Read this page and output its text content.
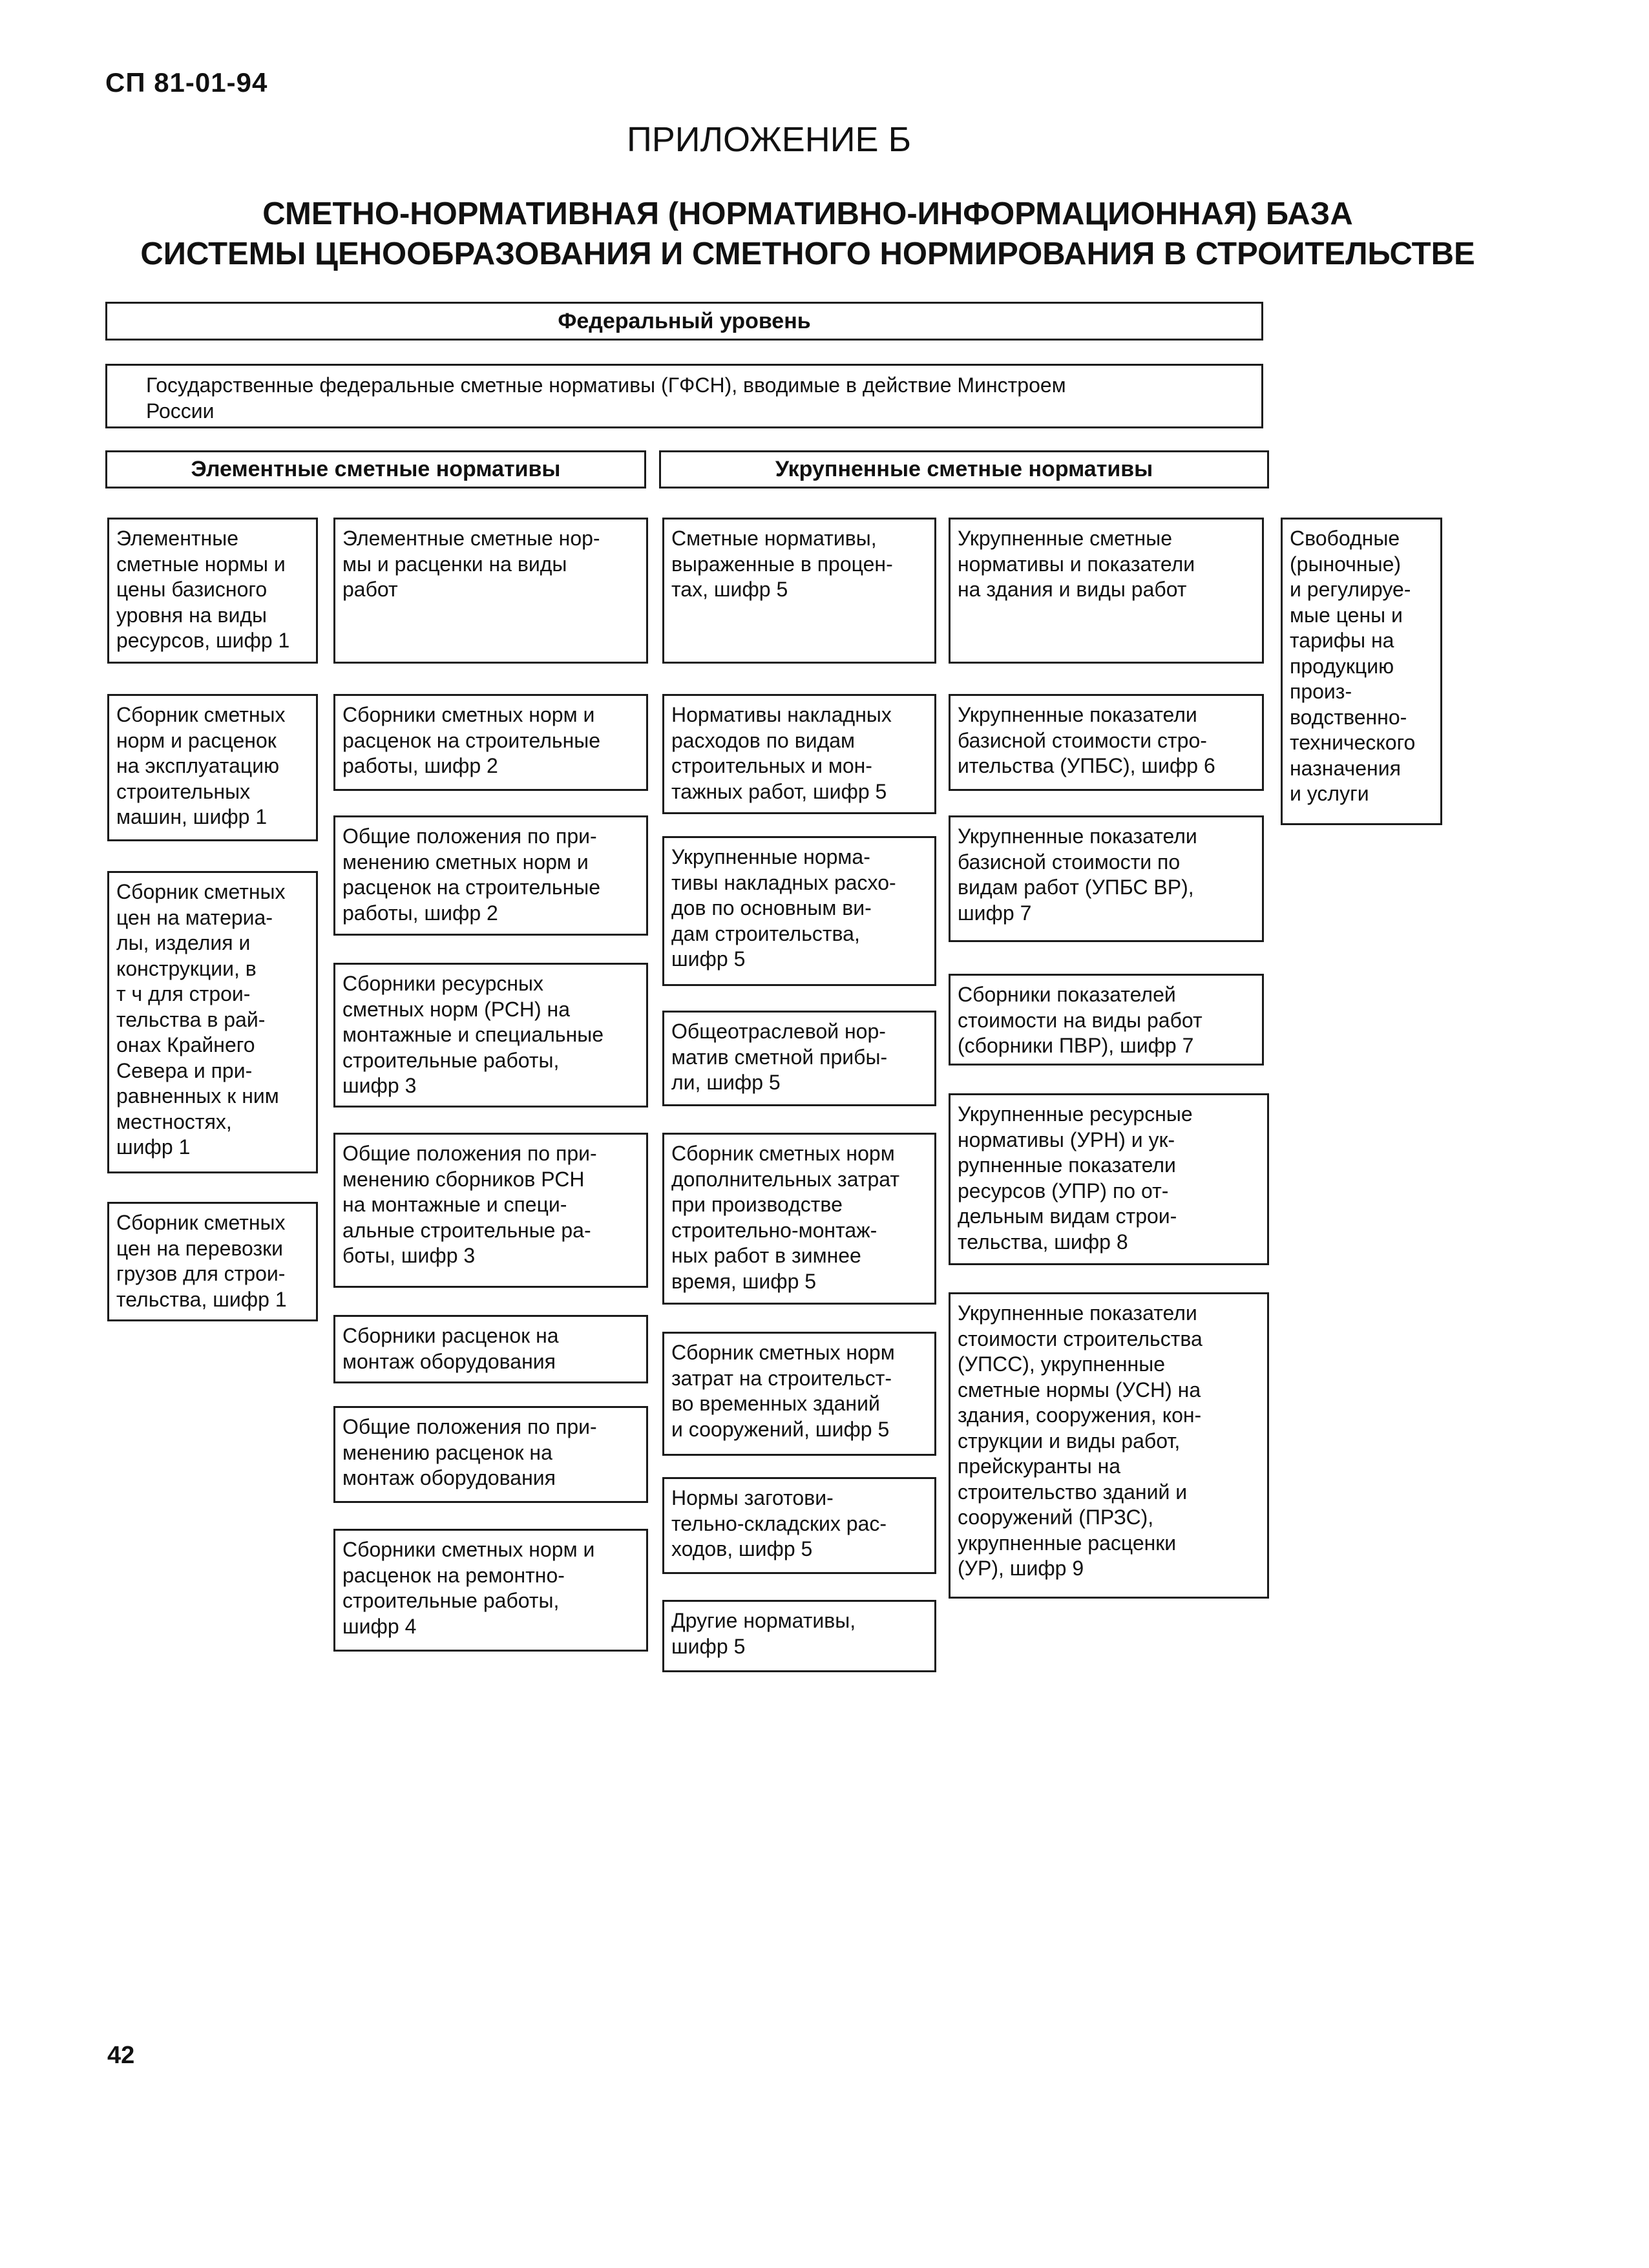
СП 81-01-94
ПРИЛОЖЕНИЕ Б
СМЕТНО-НОРМАТИВНАЯ (НОРМАТИВНО-ИНФОРМАЦИОННАЯ) БАЗА
СИСТЕМЫ ЦЕНООБРАЗОВАНИЯ И СМЕТНОГО НОРМИРОВАНИЯ В СТРОИТЕЛЬСТВЕ
Федеральный уровень
Государственные федеральные сметные нормативы (ГФСН), вводимые в действие Минстроем России
Элементные сметные нормативы	Укрупненные сметные нормативы
Элементные
сметные нормы и
цены базисного
уровня на виды
ресурсов, шифр 1
Сборник сметных
норм и расценок
на эксплуатацию
строительных
машин, шифр 1
Сборник сметных
цен на материа-
лы, изделия и
конструкции, в
т ч для строи-
тельства в рай-
онах Крайнего
Севера и при-
равненных к ним
местностях,
шифр 1
Сборник сметных
цен на перевозки
грузов для строи-
тельства, шифр 1
Элементные сметные нор-
мы и расценки на виды
работ
Сборники сметных норм и
расценок на строительные
работы, шифр 2
Общие положения по при-
менению сметных норм и
расценок на строительные
работы, шифр 2
Сборники ресурсных
сметных норм (РСН) на
монтажные и специальные
строительные работы,
шифр 3
Общие положения по при-
менению сборников РСН
на монтажные и специ-
альные строительные ра-
боты, шифр 3
Сборники расценок на
монтаж оборудования
Общие положения по при-
менению расценок на
монтаж оборудования
Сборники сметных норм и
расценок на ремонтно-
строительные работы,
шифр 4
Сметные нормативы,
выраженные в процен-
тах, шифр 5
Нормативы накладных
расходов по видам
строительных и мон-
тажных работ, шифр 5
Укрупненные норма-
тивы накладных расхо-
дов по основным ви-
дам строительства,
шифр 5
Общеотраслевой нор-
матив сметной прибы-
ли, шифр 5
Сборник сметных норм
дополнительных затрат
при производстве
строительно-монтаж-
ных работ в зимнее
время, шифр 5
Сборник сметных норм
затрат на строительст-
во временных зданий
и сооружений, шифр 5
Нормы заготови-
тельно-складских рас-
ходов, шифр 5
Другие нормативы,
шифр 5
Укрупненные сметные
нормативы и показатели
на здания и виды работ
Укрупненные показатели
базисной стоимости стро-
ительства (УПБС), шифр 6
Укрупненные показатели
базисной стоимости по
видам работ (УПБС ВР),
шифр 7
Сборники показателей
стоимости на виды работ
(сборники ПВР), шифр 7
Укрупненные ресурсные
нормативы (УРН) и ук-
рупненные показатели
ресурсов (УПР) по от-
дельным видам строи-
тельства, шифр 8
Укрупненные показатели
стоимости строительства
(УПСС), укрупненные
сметные нормы (УСН) на
здания, сооружения, кон-
струкции и виды работ,
прейскуранты на
строительство зданий и
сооружений (ПРЗС),
укрупненные расценки
(УР), шифр 9
Свободные
(рыночные)
и регулируе-
мые цены и
тарифы на
продукцию
произ-
водственно-
технического
назначения
и услуги
42
